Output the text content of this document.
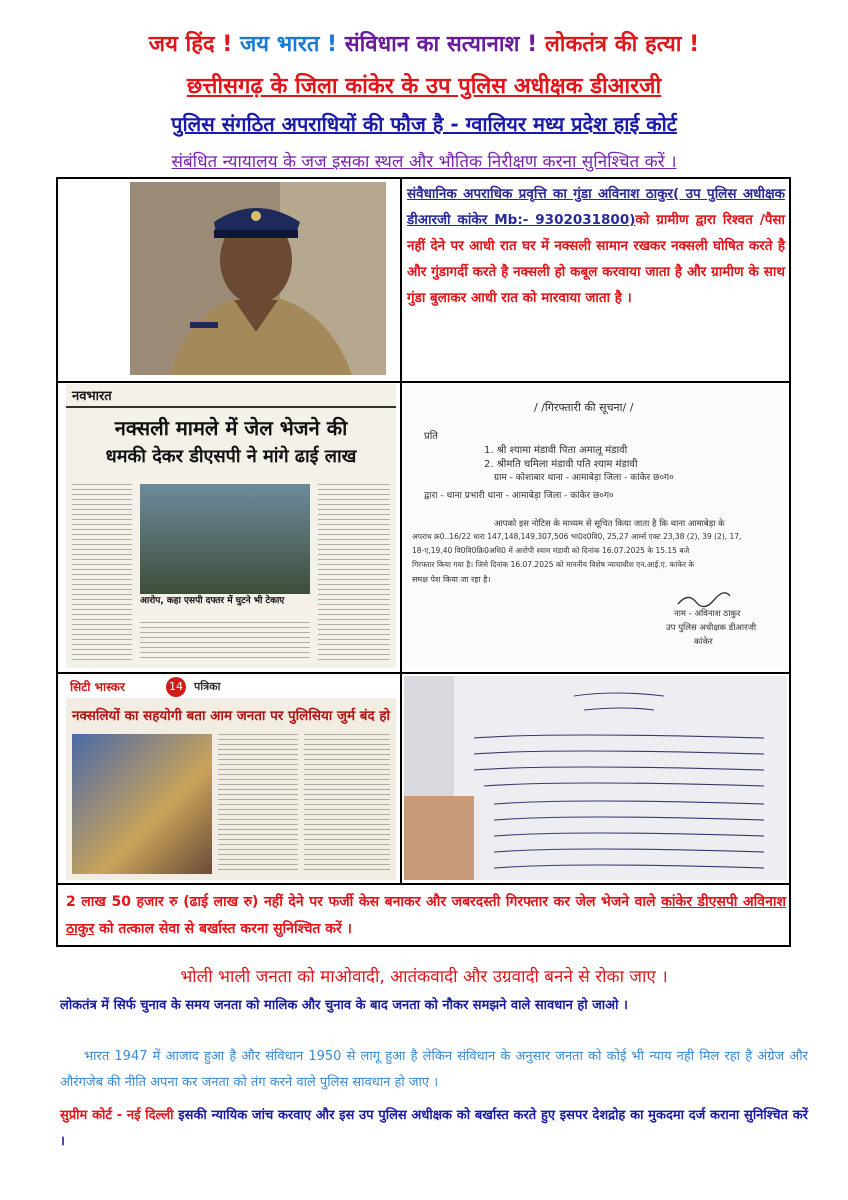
जय हिंद ! जय भारत ! संविधान का सत्यानाश ! लोकतंत्र की हत्या !
छत्तीसगढ़ के जिला कांकेर के उप पुलिस अधीक्षक डीआरजी
पुलिस संगठित अपराधियों की फौज है - ग्वालियर मध्य प्रदेश हाई कोर्ट
संबंधित न्यायालय के जज इसका स्थल और भौतिक निरीक्षण करना सुनिश्चित करें ।
संवैधानिक अपराधिक प्रवृत्ति का गुंडा अविनाश ठाकुर( उप पुलिस अधीक्षक डीआरजी कांकेर Mb:- 9302031800)को ग्रामीण द्वारा रिश्वत /पैसा नहीं देने पर आधी रात घर में नक्सली सामान रखकर नक्सली घोषित करते है और गुंडागर्दी करते है नक्सली हो कबूल करवाया जाता है और ग्रामीण के साथ गुंडा बुलाकर आधी रात को मारवाया जाता है ।
नवभारत
नक्सली मामले में जेल भेजने की
धमकी देकर डीएसपी ने मांगे ढाई लाख
आरोप, कहा एसपी दफ्तर में घुटने भी टेकाए
/ /गिरफ्तारी की सूचना/ /
प्रति
1. श्री श्यामा मंडावी पिता अमालू मंडावी
2. श्रीमति चमिला मंडावी पति श्याम मंडावी
ग्राम - कोशाबार थाना - आमाबेड़ा जिला - कांकेर छ०ग०
द्वारा - थाना प्रभारी थाना - आमाबेड़ा जिला - कांकेर छ०ग०
आपको इस नोटिस के माध्यम से सूचित किया जाता है कि थाना आमाबेड़ा के
अपराध क्र0..16/22 धारा 147,148,149,307,506 भा0द0वि0, 25,27 आर्म्स एक्ट 23,38 (2), 39 (2), 17,
18-ए,19,40 वि0वि0क्रि0अधि0 में आरोपी श्याम मंडावी को दिनांक 16.07.2025 के 15.15 बजे
गिरफ्तार किया गया है। जिसे दिनांक 16.07.2025 को माननीय विशेष न्यायाधीश एन.आई.ए. कांकेर के
समक्ष पेश किया जा रहा है।
नाम - अविनाश ठाकुर
उप पुलिस अधीक्षक डीआरजी
कांकेर
सिटी भास्कर	14 पत्रिका
नक्सलियों का सहयोगी बता आम जनता पर पुलिसिया जुर्म बंद हो
2 लाख 50 हजार रु (ढाई लाख रु) नहीं देने पर फर्जी केस बनाकर और जबरदस्ती गिरफ्तार कर जेल भेजने वाले कांकेर डीएसपी अविनाश ठाकुर को तत्काल सेवा से बर्खास्त करना सुनिश्चित करें ।
भोली भाली जनता को माओवादी, आतंकवादी और उग्रवादी बनने से रोका जाए ।
लोकतंत्र में सिर्फ चुनाव के समय जनता को मालिक और चुनाव के बाद जनता को नौकर समझने वाले सावधान हो जाओ ।
भारत 1947 में आजाद हुआ है और संविधान 1950 से लागू हुआ है लेकिन संविधान के अनुसार जनता को कोई भी न्याय नही मिल रहा है अंग्रेज और औरंगजेब की नीति अपना कर जनता को तंग करने वाले पुलिस सावधान हो जाए ।
सुप्रीम कोर्ट - नई दिल्ली इसकी न्यायिक जांच करवाए और इस उप पुलिस अधीक्षक को बर्खास्त करते हुए इसपर देशद्रोह का मुकदमा दर्ज कराना सुनिश्चित करें ।
